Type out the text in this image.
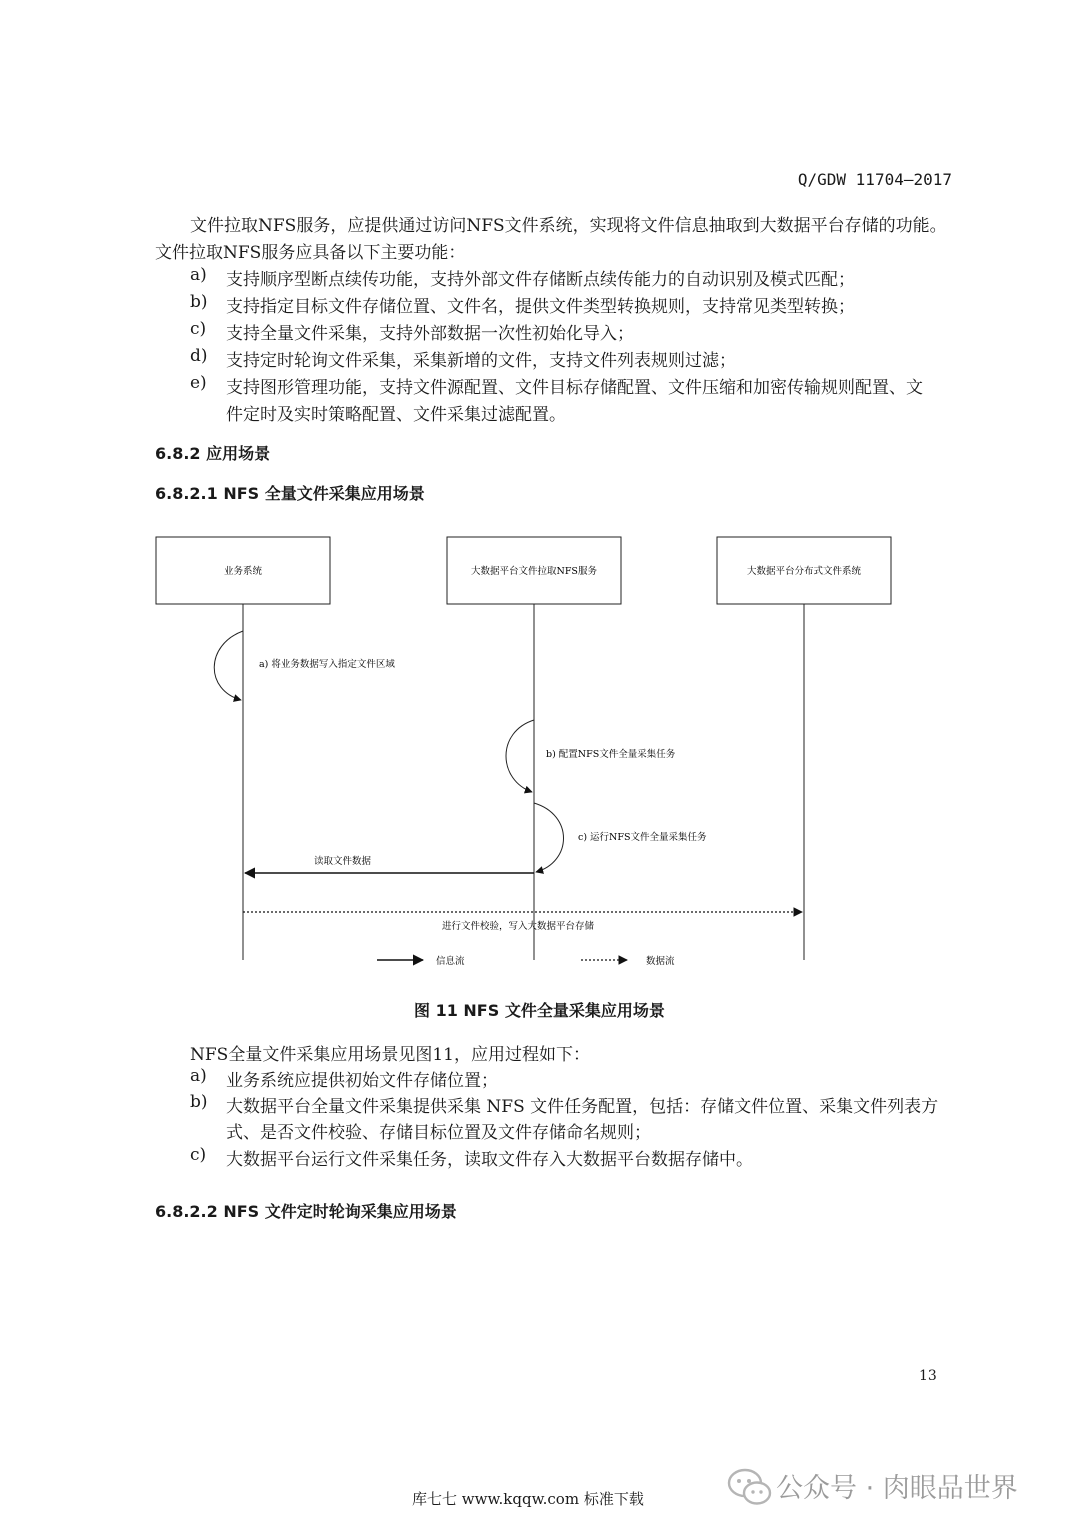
Q/GDW 11704—2017
文件拉取NFS服务，应提供通过访问NFS文件系统，实现将文件信息抽取到大数据平台存储的功能。
文件拉取NFS服务应具备以下主要功能：
a) 支持顺序型断点续传功能，支持外部文件存储断点续传能力的自动识别及模式匹配；
b) 支持指定目标文件存储位置、文件名，提供文件类型转换规则，支持常见类型转换；
c) 支持全量文件采集，支持外部数据一次性初始化导入；
d) 支持定时轮询文件采集，采集新增的文件，支持文件列表规则过滤；
e) 支持图形管理功能，支持文件源配置、文件目标存储配置、文件压缩和加密传输规则配置、文
件定时及实时策略配置、文件采集过滤配置。
6.8.2 应用场景
6.8.2.1 NFS 全量文件采集应用场景
业务系统	大数据平台文件拉取NFS服务	大数据平台分布式文件系统
a) 将业务数据写入指定文件区域
b) 配置NFS文件全量采集任务
c) 运行NFS文件全量采集任务
读取文件数据
进行文件校验，写入大数据平台存储
信息流	数据流
图 11 NFS 文件全量采集应用场景
NFS全量文件采集应用场景见图11，应用过程如下：
a) 业务系统应提供初始文件存储位置；
b) 大数据平台全量文件采集提供采集 NFS 文件任务配置，包括：存储文件位置、采集文件列表方
式、是否文件校验、存储目标位置及文件存储命名规则；
c) 大数据平台运行文件采集任务，读取文件存入大数据平台数据存储中。
6.8.2.2 NFS 文件定时轮询采集应用场景
13
库七七 www.kqqw.com 标准下载	公众号 · 肉眼品世界
